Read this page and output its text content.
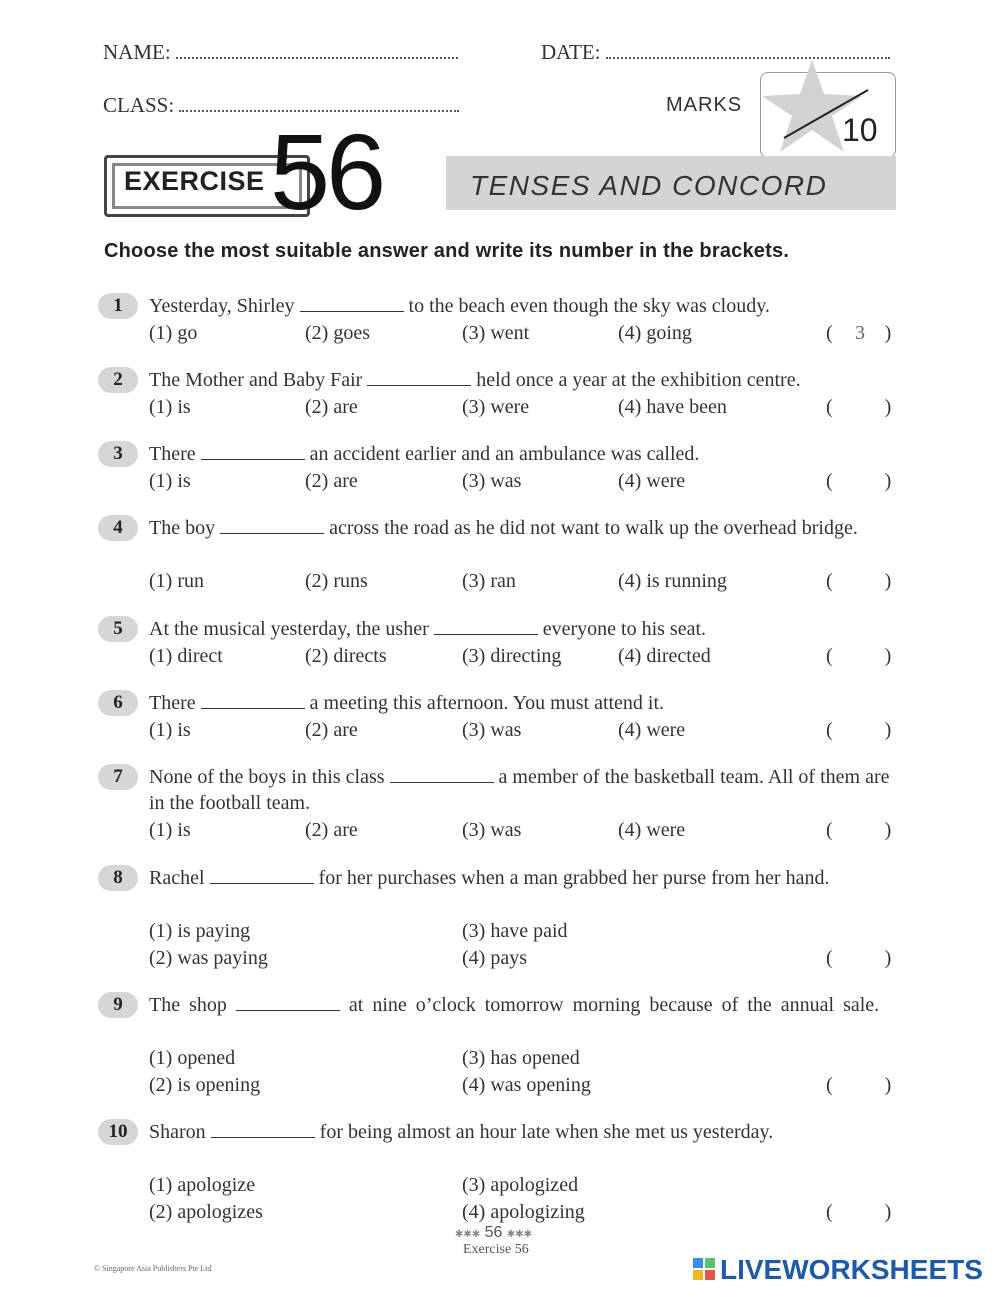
NAME:	DATE:
CLASS:	MARKS
10
EXERCISE 56	TENSES AND CONCORD
Choose the most suitable answer and write its number in the brackets.
1	Yesterday, Shirley	to the beach even though the sky was cloudy.
(1) go	(2) goes	(3) went	(4) going	(	)
3
2	The Mother and Baby Fair	held once a year at the exhibition centre.
(1) is	(2) are	(3) were	(4) have been	(	)
3	There	an accident earlier and an ambulance was called.
(1) is	(2) are	(3) was	(4) were	(	)
4	The boy	across the road as he did not want to walk up the overhead bridge.
(1) run	(2) runs	(3) ran	(4) is running	(	)
5	At the musical yesterday, the usher	everyone to his seat.
(1) direct	(2) directs	(3) directing	(4) directed	(	)
6	There	a meeting this afternoon. You must attend it.
(1) is	(2) are	(3) was	(4) were	(	)
7	None of the boys in this class	a member of the basketball team. All of them are in the football team.
(1) is	(2) are	(3) was	(4) were	(	)
8	Rachel	for her purchases when a man grabbed her purse from her hand.
(1) is paying	(3) have paid
(2) was paying	(4) pays	(	)
9	The shop	at nine o’clock tomorrow morning because of the annual sale.
(1) opened	(3) has opened
(2) is opening	(4) was opening	(	)
10	Sharon	for being almost an hour late when she met us yesterday.
(1) apologize	(3) apologized
(2) apologizes	(4) apologizing	(	)
✱✱✱ 56 ✱✱✱
Exercise 56
© Singapore Asia Publishers Pte Ltd	LIVEWORKSHEETS
